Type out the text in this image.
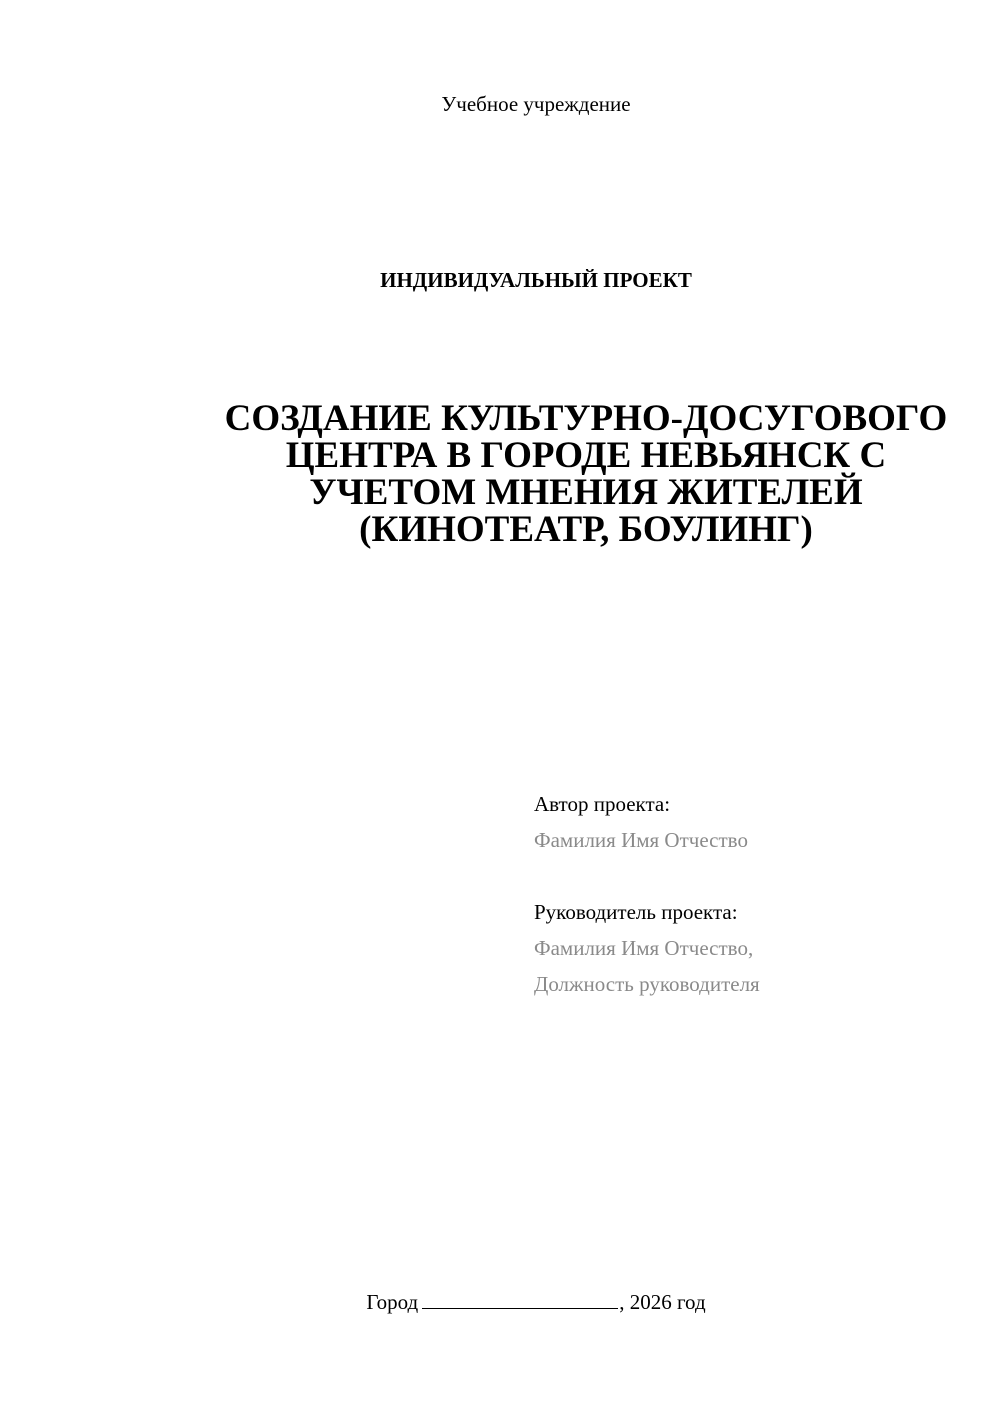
Учебное учреждение
ИНДИВИДУАЛЬНЫЙ ПРОЕКТ
СОЗДАНИЕ КУЛЬТУРНО-ДОСУГОВОГО
ЦЕНТРА В ГОРОДЕ НЕВЬЯНСК С
УЧЕТОМ МНЕНИЯ ЖИТЕЛЕЙ
(КИНОТЕАТР, БОУЛИНГ)
Автор проекта:
Фамилия Имя Отчество
Руководитель проекта:
Фамилия Имя Отчество,
Должность руководителя
Город	, 2026 год
